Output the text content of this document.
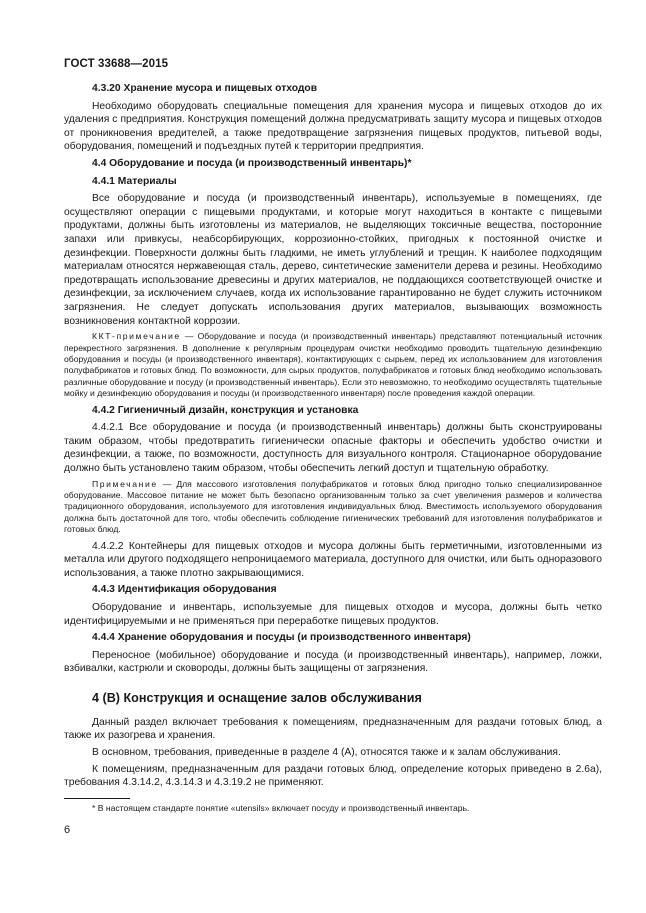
ГОСТ 33688—2015
4.3.20 Хранение мусора и пищевых отходов

Необходимо оборудовать специальные помещения для хранения мусора и пищевых отходов до их удаления с предприятия. Конструкция помещений должна предусматривать защиту мусора и пищевых отходов от проникновения вредителей, а также предотвращение загрязнения пищевых продуктов, питьевой воды, оборудования, помещений и подъездных путей к территории предприятия.

4.4 Оборудование и посуда (и производственный инвентарь)*
4.4.1 Материалы

Все оборудование и посуда (и производственный инвентарь), используемые в помещениях, где осуществляют операции с пищевыми продуктами, и которые могут находиться в контакте с пищевыми продуктами, должны быть изготовлены из материалов, не выделяющих токсичные вещества, посторонние запахи или привкусы, неабсорбирующих, коррозионно-стойких, пригодных к постоянной очистке и дезинфекции. Поверхности должны быть гладкими, не иметь углублений и трещин. К наиболее подходящим материалам относятся нержавеющая сталь, дерево, синтетические заменители дерева и резины. Необходимо предотвращать использование древесины и других материалов, не поддающихся соответствующей очистке и дезинфекции, за исключением случаев, когда их использование гарантированно не будет служить источником загрязнения. Не следует допускать использования других материалов, вызывающих возможность возникновения контактной коррозии.

ККТ-примечание — Оборудование и посуда (и производственный инвентарь) представляют потенциальный источник перекрестного загрязнения. В дополнение к регулярным процедурам очистки необходимо проводить тщательную дезинфекцию оборудования и посуды (и производственного инвентаря), контактирующих с сырьем, перед их использованием для изготовления полуфабрикатов и готовых блюд. По возможности, для сырых продуктов, полуфабрикатов и готовых блюд необходимо использовать различные оборудование и посуду (и производственный инвентарь). Если это невозможно, то необходимо осуществлять тщательные мойку и дезинфекцию оборудования и посуды (и производственного инвентаря) после проведения каждой операции.

4.4.2 Гигиеничный дизайн, конструкция и установка

4.4.2.1 Все оборудование и посуда (и производственный инвентарь) должны быть сконструированы таким образом, чтобы предотвратить гигиенически опасные факторы и обеспечить удобство очистки и дезинфекции, а также, по возможности, доступность для визуального контроля. Стационарное оборудование должно быть установлено таким образом, чтобы обеспечить легкий доступ и тщательную обработку.

Примечание — Для массового изготовления полуфабрикатов и готовых блюд пригодно только специализированное оборудование. Массовое питание не может быть безопасно организованным только за счет увеличения размеров и количества традиционного оборудования, используемого для изготовления индивидуальных блюд. Вместимость используемого оборудования должна быть достаточной для того, чтобы обеспечить соблюдение гигиенических требований для изготовления полуфабрикатов и готовых блюд.

4.4.2.2 Контейнеры для пищевых отходов и мусора должны быть герметичными, изготовленными из металла или другого подходящего непроницаемого материала, доступного для очистки, или быть одноразового использования, а также плотно закрывающимися.

4.4.3 Идентификация оборудования

Оборудование и инвентарь, используемые для пищевых отходов и мусора, должны быть четко идентифицируемыми и не применяться при переработке пищевых продуктов.

4.4.4 Хранение оборудования и посуды (и производственного инвентаря)

Переносное (мобильное) оборудование и посуда (и производственный инвентарь), например, ложки, взбивалки, кастрюли и сковороды, должны быть защищены от загрязнения.

4 (В) Конструкция и оснащение залов обслуживания

Данный раздел включает требования к помещениям, предназначенным для раздачи готовых блюд, а также их разогрева и хранения.

В основном, требования, приведенные в разделе 4 (А), относятся также и к залам обслуживания.

К помещениям, предназначенным для раздачи готовых блюд, определение которых приведено в 2.6а), требования 4.3.14.2, 4.3.14.3 и 4.3.19.2 не применяют.

* В настоящем стандарте понятие «utensils» включает посуду и производственный инвентарь.

6
